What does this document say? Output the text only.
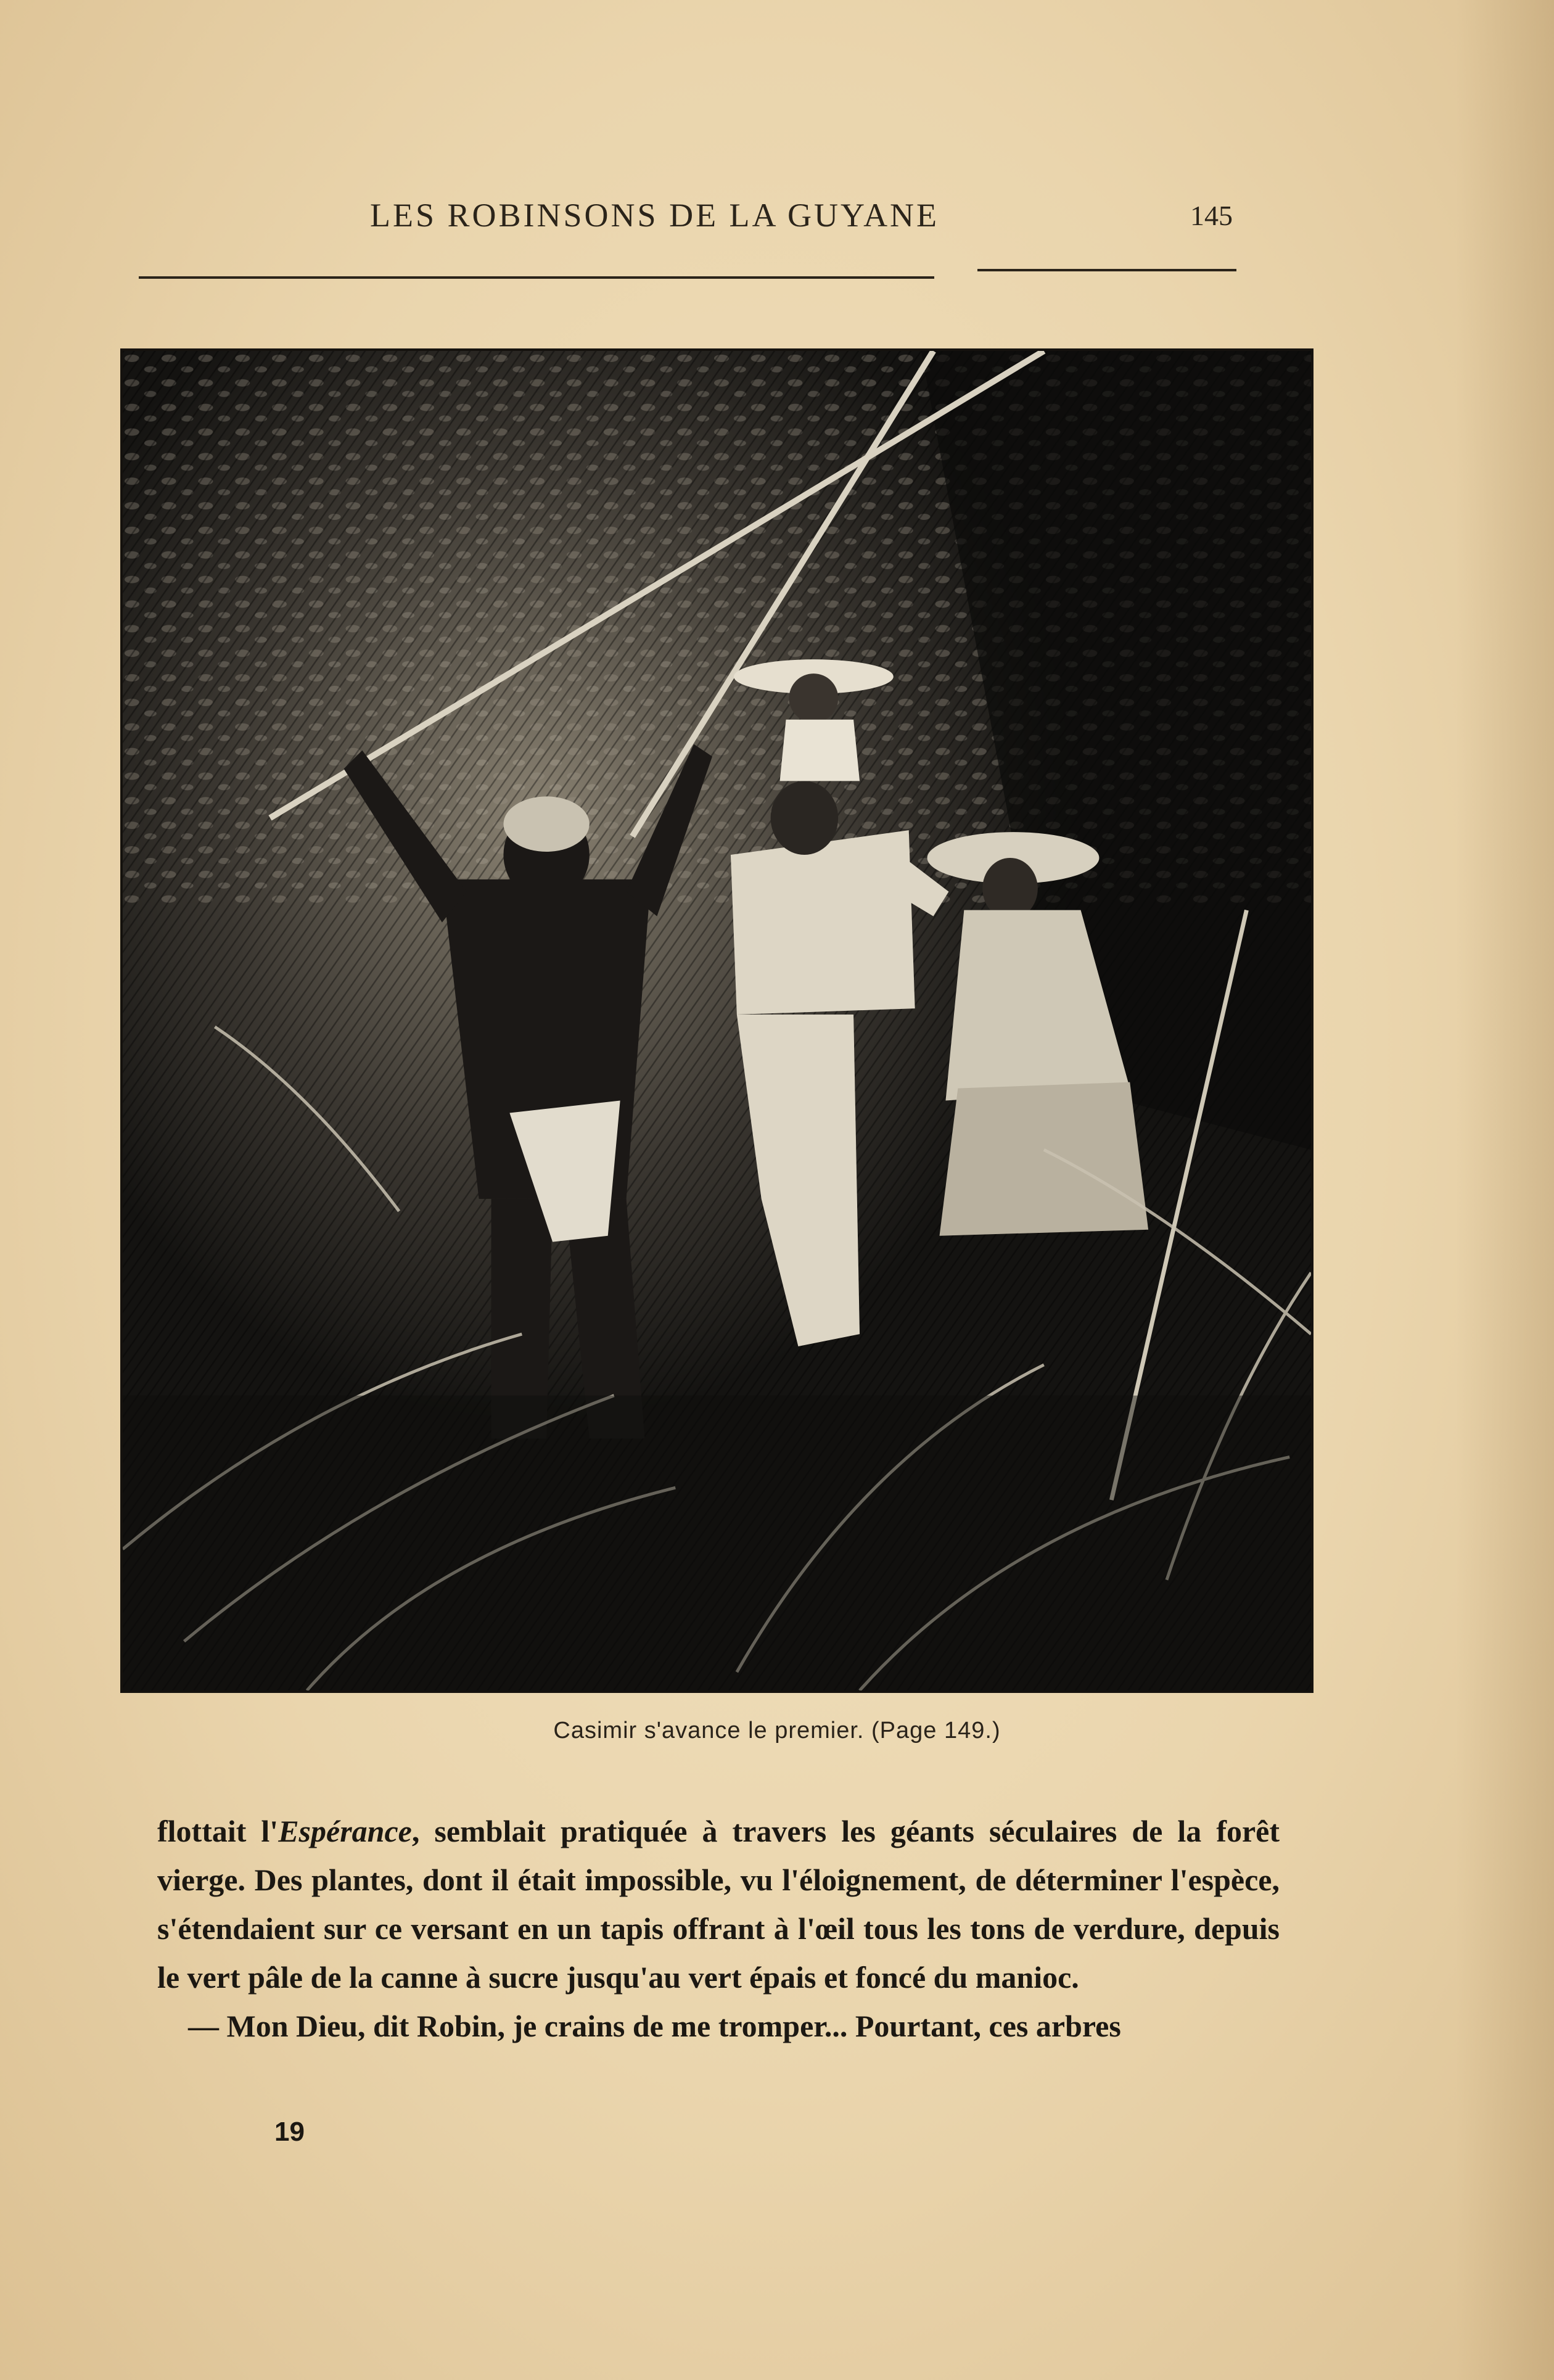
LES ROBINSONS DE LA GUYANE	145
Casimir s'avance le premier. (Page 149.)

flottait l'Espérance, semblait pratiquée à travers les géants séculaires de la forêt vierge. Des plantes, dont il était impossible, vu l'éloignement, de déterminer l'espèce, s'étendaient sur ce versant en un tapis offrant à l'œil tous les tons de verdure, depuis le vert pâle de la canne à sucre jusqu'au vert épais et foncé du manioc.

— Mon Dieu, dit Robin, je crains de me tromper... Pourtant, ces arbres

19
